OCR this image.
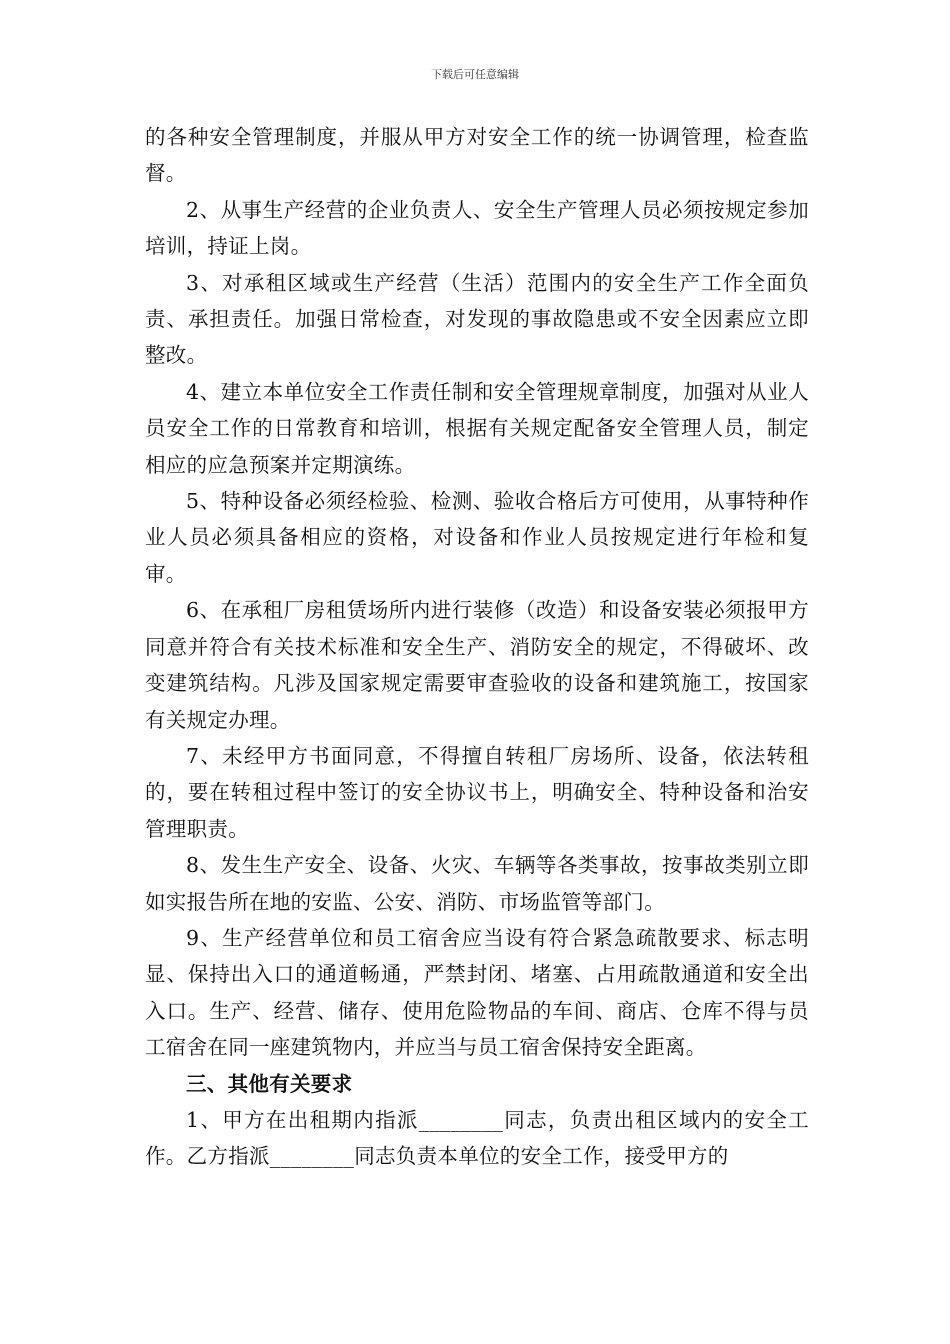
下载后可任意编辑

的各种安全管理制度，并服从甲方对安全工作的统一协调管理，检查监督。

2、从事生产经营的企业负责人、安全生产管理人员必须按规定参加培训，持证上岗。

3、对承租区域或生产经营（生活）范围内的安全生产工作全面负责、承担责任。加强日常检查，对发现的事故隐患或不安全因素应立即整改。

4、建立本单位安全工作责任制和安全管理规章制度，加强对从业人员安全工作的日常教育和培训，根据有关规定配备安全管理人员，制定相应的应急预案并定期演练。

5、特种设备必须经检验、检测、验收合格后方可使用，从事特种作业人员必须具备相应的资格，对设备和作业人员按规定进行年检和复审。

6、在承租厂房租赁场所内进行装修（改造）和设备安装必须报甲方同意并符合有关技术标准和安全生产、消防安全的规定，不得破坏、改变建筑结构。凡涉及国家规定需要审查验收的设备和建筑施工，按国家有关规定办理。

7、未经甲方书面同意，不得擅自转租厂房场所、设备，依法转租的，要在转租过程中签订的安全协议书上，明确安全、特种设备和治安管理职责。

8、发生生产安全、设备、火灾、车辆等各类事故，按事故类别立即如实报告所在地的安监、公安、消防、市场监管等部门。

9、生产经营单位和员工宿舍应当设有符合紧急疏散要求、标志明显、保持出入口的通道畅通，严禁封闭、堵塞、占用疏散通道和安全出入口。生产、经营、储存、使用危险物品的车间、商店、仓库不得与员工宿舍在同一座建筑物内，并应当与员工宿舍保持安全距离。

三、其他有关要求

1、甲方在出租期内指派________同志，负责出租区域内的安全工作。乙方指派________同志负责本单位的安全工作，接受甲方的
